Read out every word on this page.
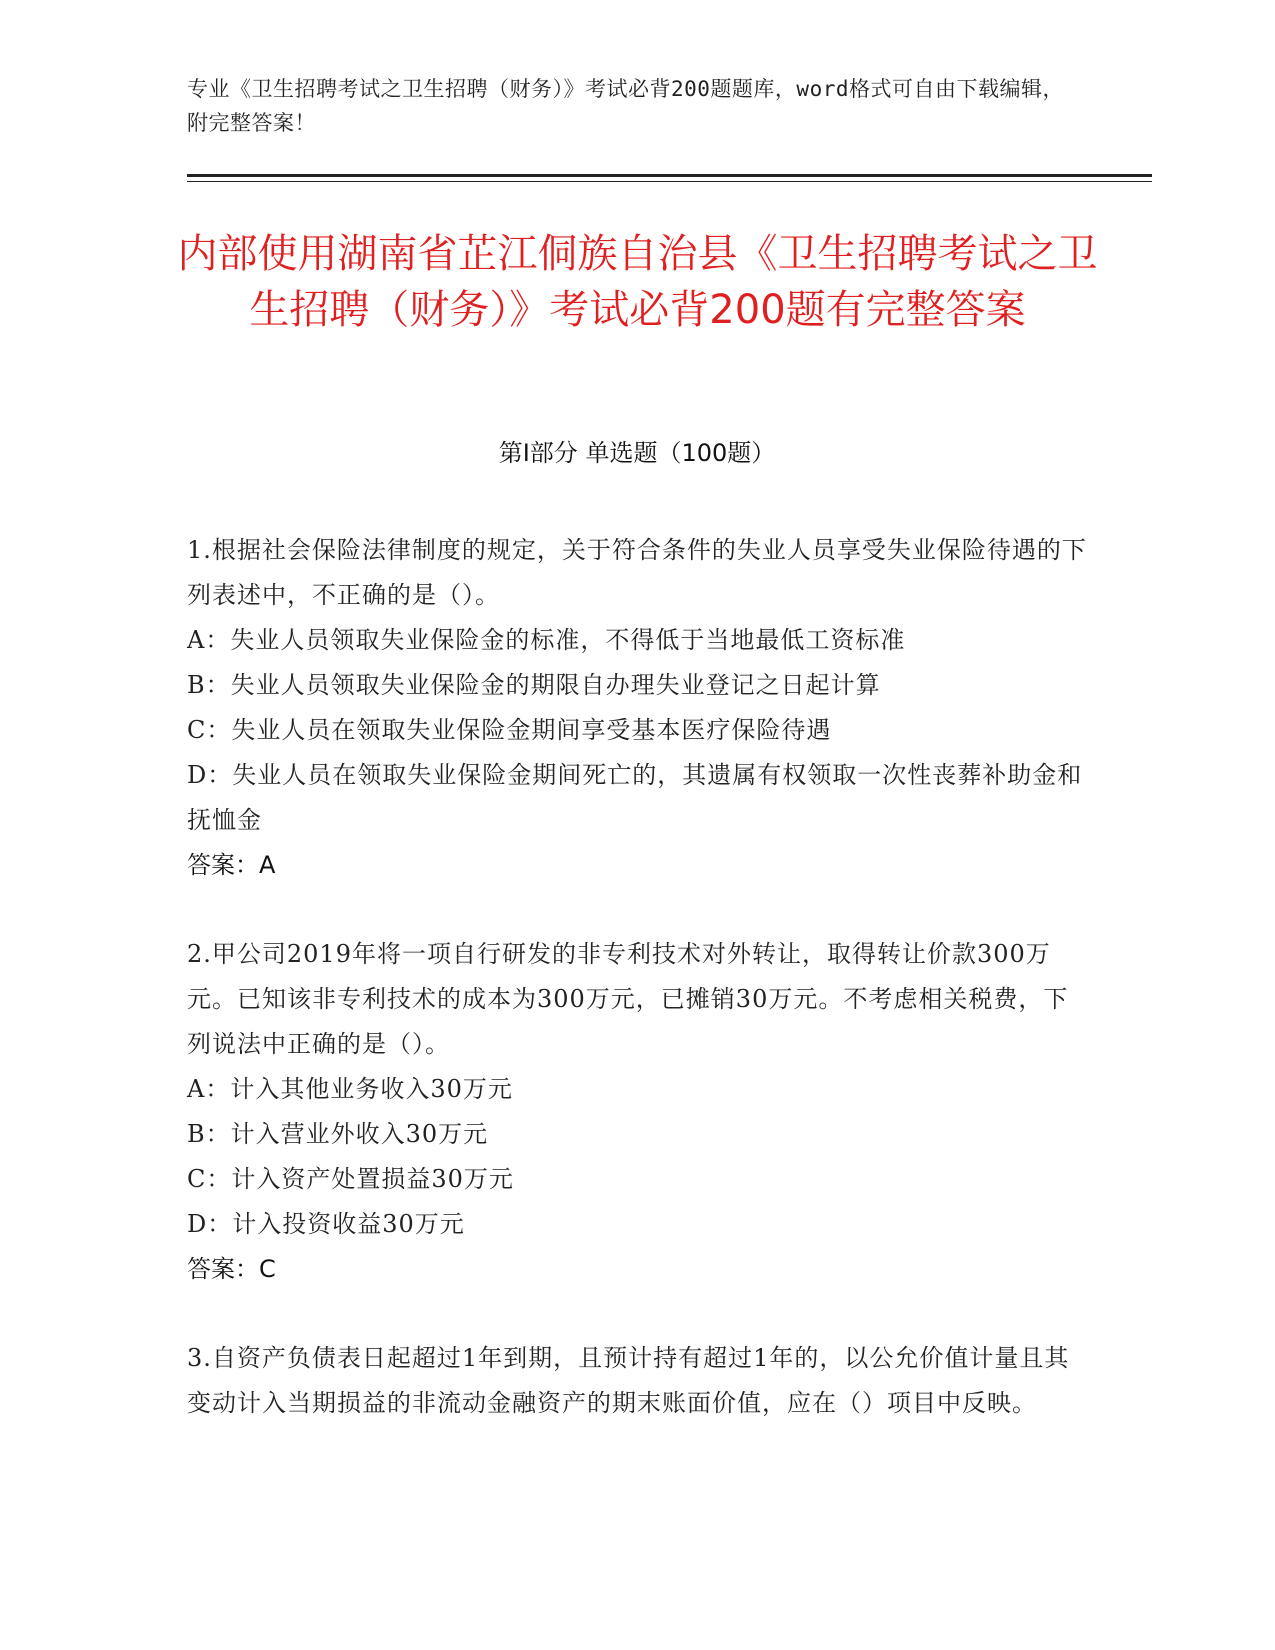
专业《卫生招聘考试之卫生招聘（财务）》考试必背200题题库，word格式可自由下载编辑，附完整答案！
内部使用湖南省芷江侗族自治县《卫生招聘考试之卫生招聘（财务）》考试必背200题有完整答案
第I部分 单选题（100题）
1.根据社会保险法律制度的规定，关于符合条件的失业人员享受失业保险待遇的下列表述中，不正确的是（）。
A：失业人员领取失业保险金的标准，不得低于当地最低工资标准
B：失业人员领取失业保险金的期限自办理失业登记之日起计算
C：失业人员在领取失业保险金期间享受基本医疗保险待遇
D：失业人员在领取失业保险金期间死亡的，其遗属有权领取一次性丧葬补助金和抚恤金
答案：A
2.甲公司2019年将一项自行研发的非专利技术对外转让，取得转让价款300万元。已知该非专利技术的成本为300万元，已摊销30万元。不考虑相关税费，下列说法中正确的是（）。
A：计入其他业务收入30万元
B：计入营业外收入30万元
C：计入资产处置损益30万元
D：计入投资收益30万元
答案：C
3.自资产负债表日起超过1年到期，且预计持有超过1年的，以公允价值计量且其变动计入当期损益的非流动金融资产的期末账面价值，应在（）项目中反映。
